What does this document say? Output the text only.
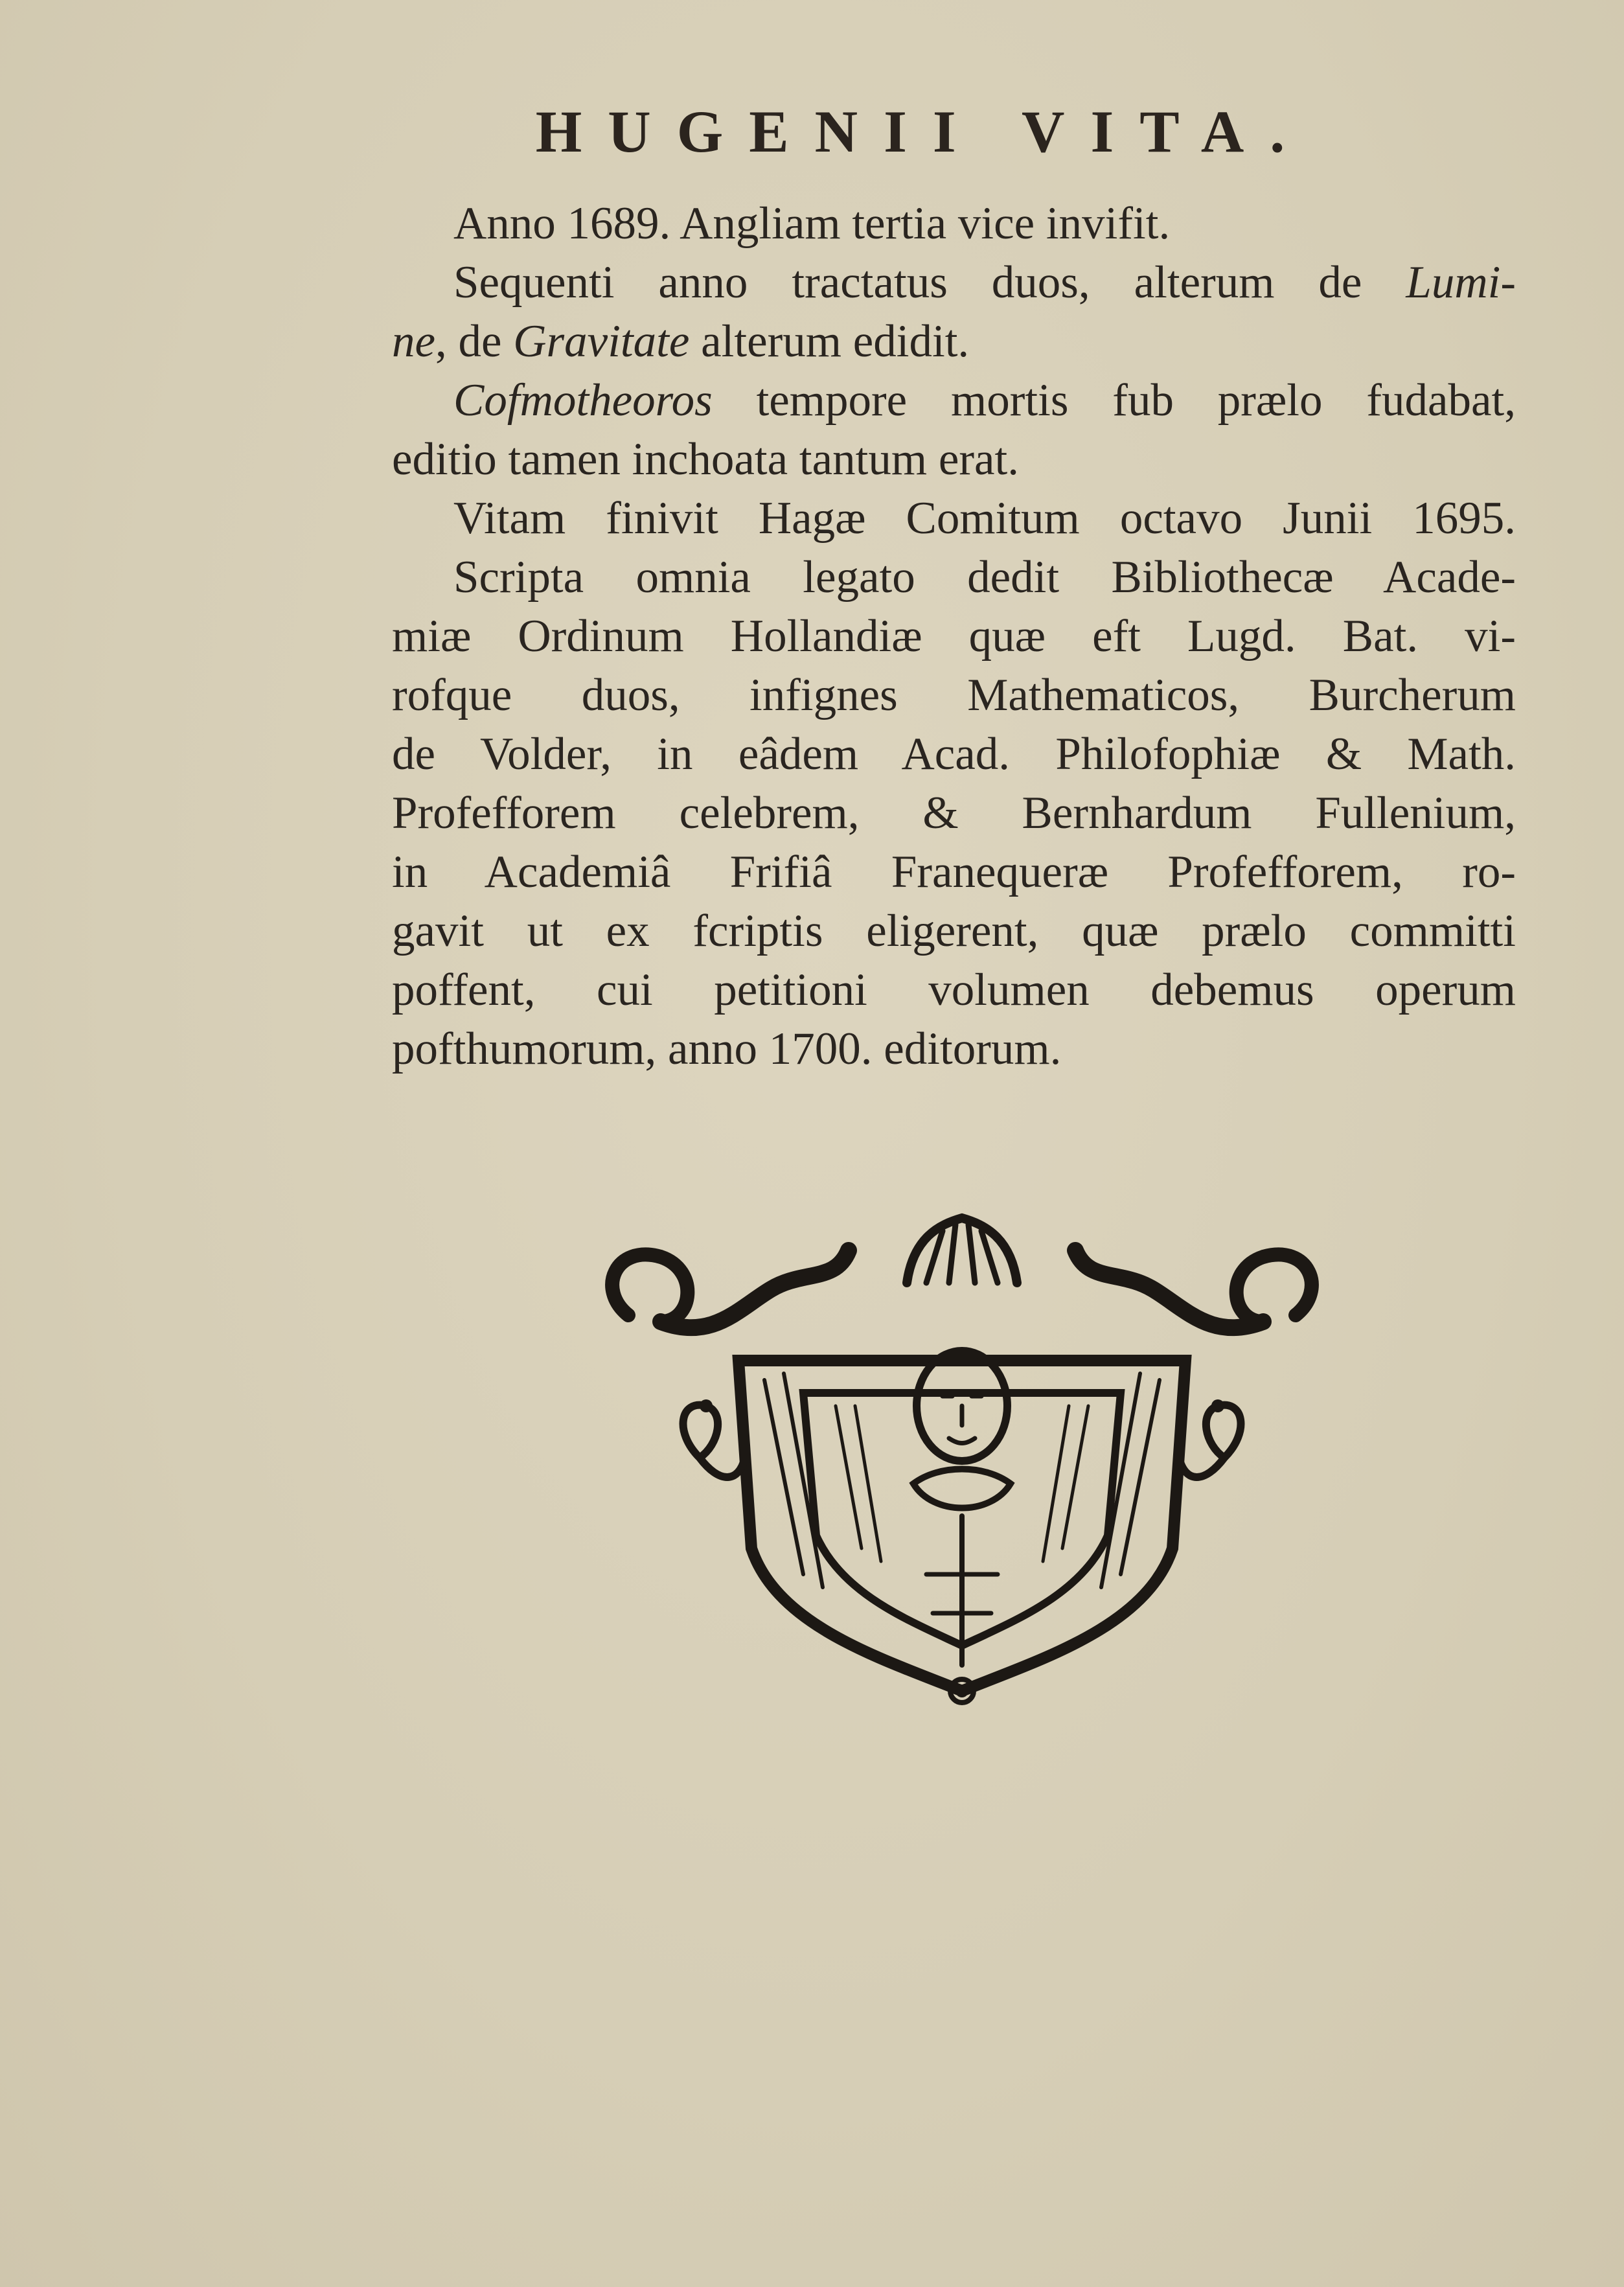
HUGENII VITA.
Anno 1689. Angliam tertia vice invifit.
Sequenti anno tractatus duos, alterum de Lumi-
ne, de Gravitate alterum edidit.
Cofmotheoros tempore mortis fub prælo fudabat,
editio tamen inchoata tantum erat.
Vitam finivit Hagæ Comitum octavo Junii 1695.
Scripta omnia legato dedit Bibliothecæ Acade-
miæ Ordinum Hollandiæ quæ eft Lugd. Bat. vi-
rofque duos, infignes Mathematicos, Burcherum
de Volder, in eâdem Acad. Philofophiæ & Math.
Profefforem celebrem, & Bernhardum Fullenium,
in Academiâ Frifiâ Franequeræ Profefforem, ro-
gavit ut ex fcriptis eligerent, quæ prælo committi
poffent, cui petitioni volumen debemus operum
pofthumorum, anno 1700. editorum.
